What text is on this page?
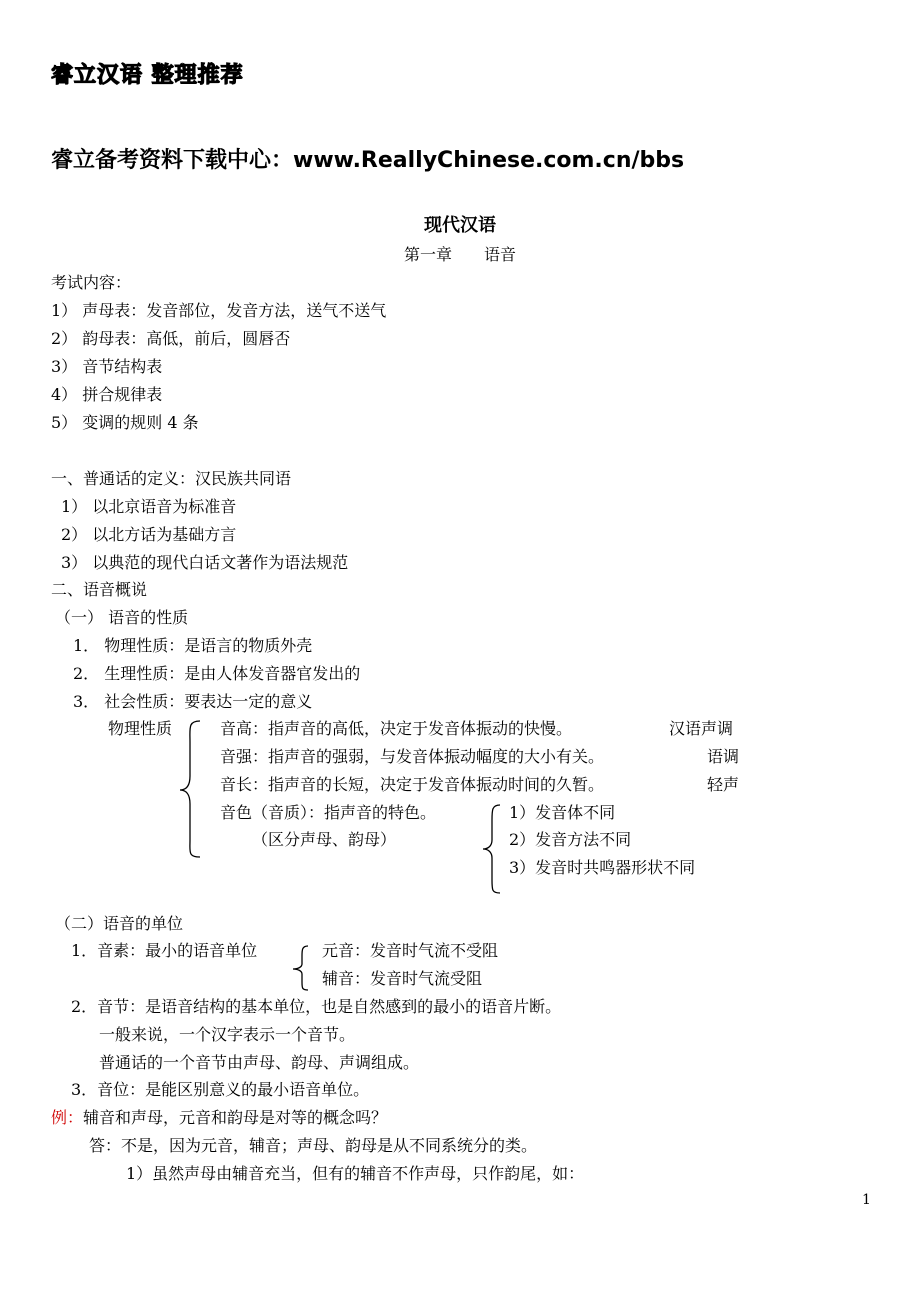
睿立汉语 整理推荐
睿立备考资料下载中心：www.ReallyChinese.com.cn/bbs
现代汉语
第一章　　语音
考试内容：
1） 声母表：发音部位，发音方法，送气不送气
2） 韵母表：高低，前后，圆唇否
3） 音节结构表
4） 拼合规律表
5） 变调的规则 4 条
一、普通话的定义：汉民族共同语
1） 以北京语音为标准音
2） 以北方话为基础方言
3） 以典范的现代白话文著作为语法规范
二、语音概说
（一） 语音的性质
1． 物理性质：是语言的物质外壳
2． 生理性质：是由人体发音器官发出的
3． 社会性质：要表达一定的意义
物理性质	音高：指声音的高低，决定于发音体振动的快慢。
音强：指声音的强弱，与发音体振动幅度的大小有关。
音长：指声音的长短，决定于发音体振动时间的久暂。
音色（音质）：指声音的特色。
汉语声调
语调
轻声
（区分声母、韵母）
1）发音体不同
2）发音方法不同
3）发音时共鸣器形状不同
（二）语音的单位
1．音素：最小的语音单位	元音：发音时气流不受阻
辅音：发音时气流受阻
2．音节：是语音结构的基本单位，也是自然感到的最小的语音片断。
一般来说，一个汉字表示一个音节。
普通话的一个音节由声母、韵母、声调组成。
3．音位：是能区别意义的最小语音单位。
例：辅音和声母，元音和韵母是对等的概念吗？
答：不是，因为元音，辅音；声母、韵母是从不同系统分的类。
1）虽然声母由辅音充当，但有的辅音不作声母，只作韵尾，如：
1
